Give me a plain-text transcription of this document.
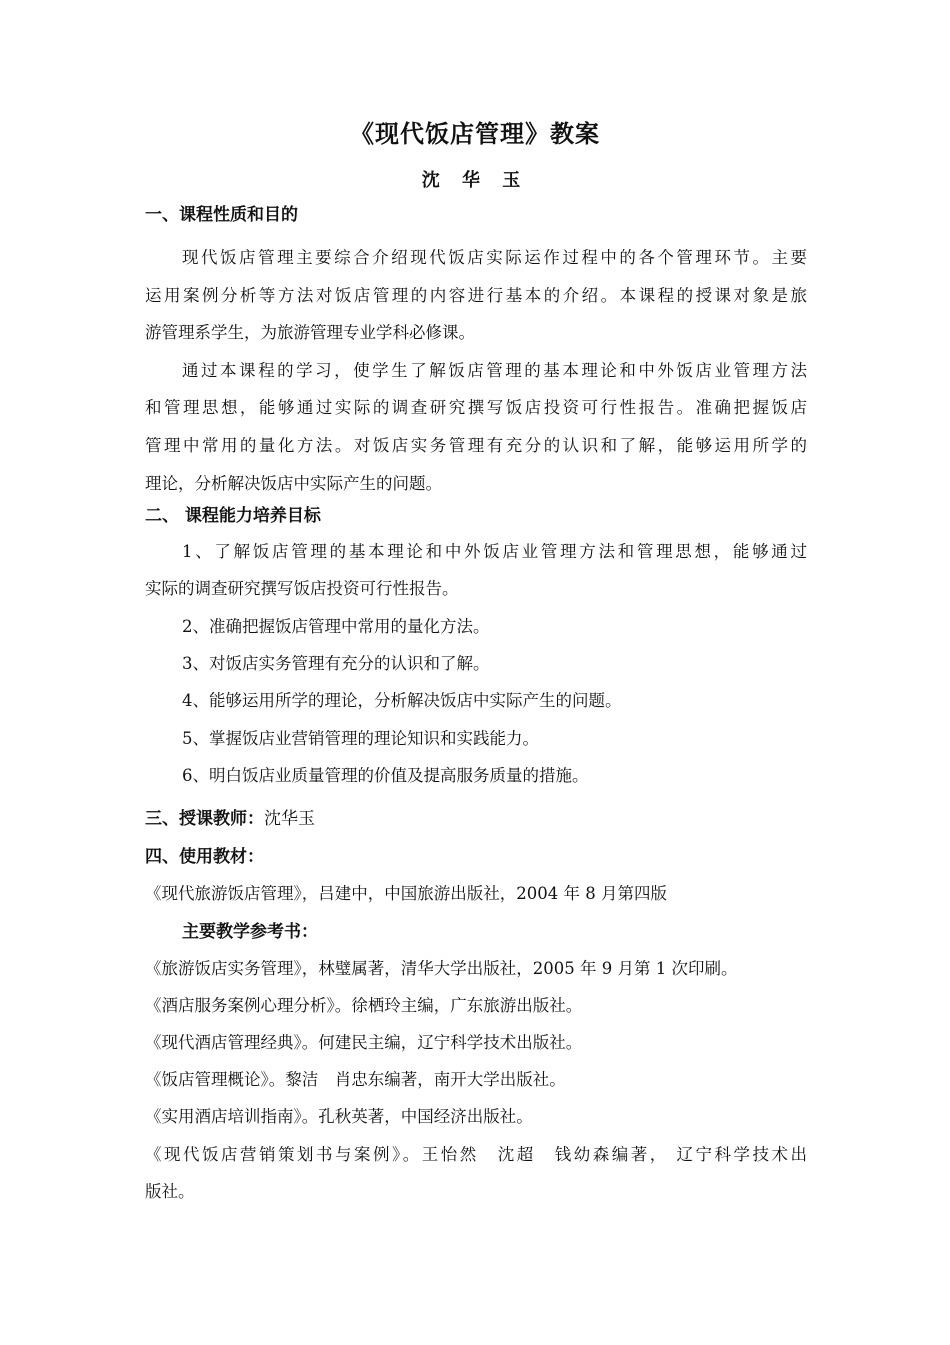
《现代饭店管理》教案
沈 华 玉
一、课程性质和目的
现代饭店管理主要综合介绍现代饭店实际运作过程中的各个管理环节。主要
运用案例分析等方法对饭店管理的内容进行基本的介绍。本课程的授课对象是旅
游管理系学生，为旅游管理专业学科必修课。
通过本课程的学习，使学生了解饭店管理的基本理论和中外饭店业管理方法
和管理思想，能够通过实际的调查研究撰写饭店投资可行性报告。准确把握饭店
管理中常用的量化方法。对饭店实务管理有充分的认识和了解，能够运用所学的
理论，分析解决饭店中实际产生的问题。
二、 课程能力培养目标
1、了解饭店管理的基本理论和中外饭店业管理方法和管理思想，能够通过
实际的调查研究撰写饭店投资可行性报告。
2、准确把握饭店管理中常用的量化方法。
3、对饭店实务管理有充分的认识和了解。
4、能够运用所学的理论，分析解决饭店中实际产生的问题。
5、掌握饭店业营销管理的理论知识和实践能力。
6、明白饭店业质量管理的价值及提高服务质量的措施。
三、授课教师：沈华玉
四、使用教材：
《现代旅游饭店管理》，吕建中，中国旅游出版社，2004 年 8 月第四版
主要教学参考书：
《旅游饭店实务管理》，林璧属著，清华大学出版社，2005 年 9 月第 1 次印刷。
《酒店服务案例心理分析》。徐栖玲主编，广东旅游出版社。
《现代酒店管理经典》。何建民主编，辽宁科学技术出版社。
《饭店管理概论》。黎洁　肖忠东编著，南开大学出版社。
《实用酒店培训指南》。孔秋英著，中国经济出版社。
《现代饭店营销策划书与案例》。王怡然　沈超　钱幼森编著， 辽宁科学技术出
版社。
